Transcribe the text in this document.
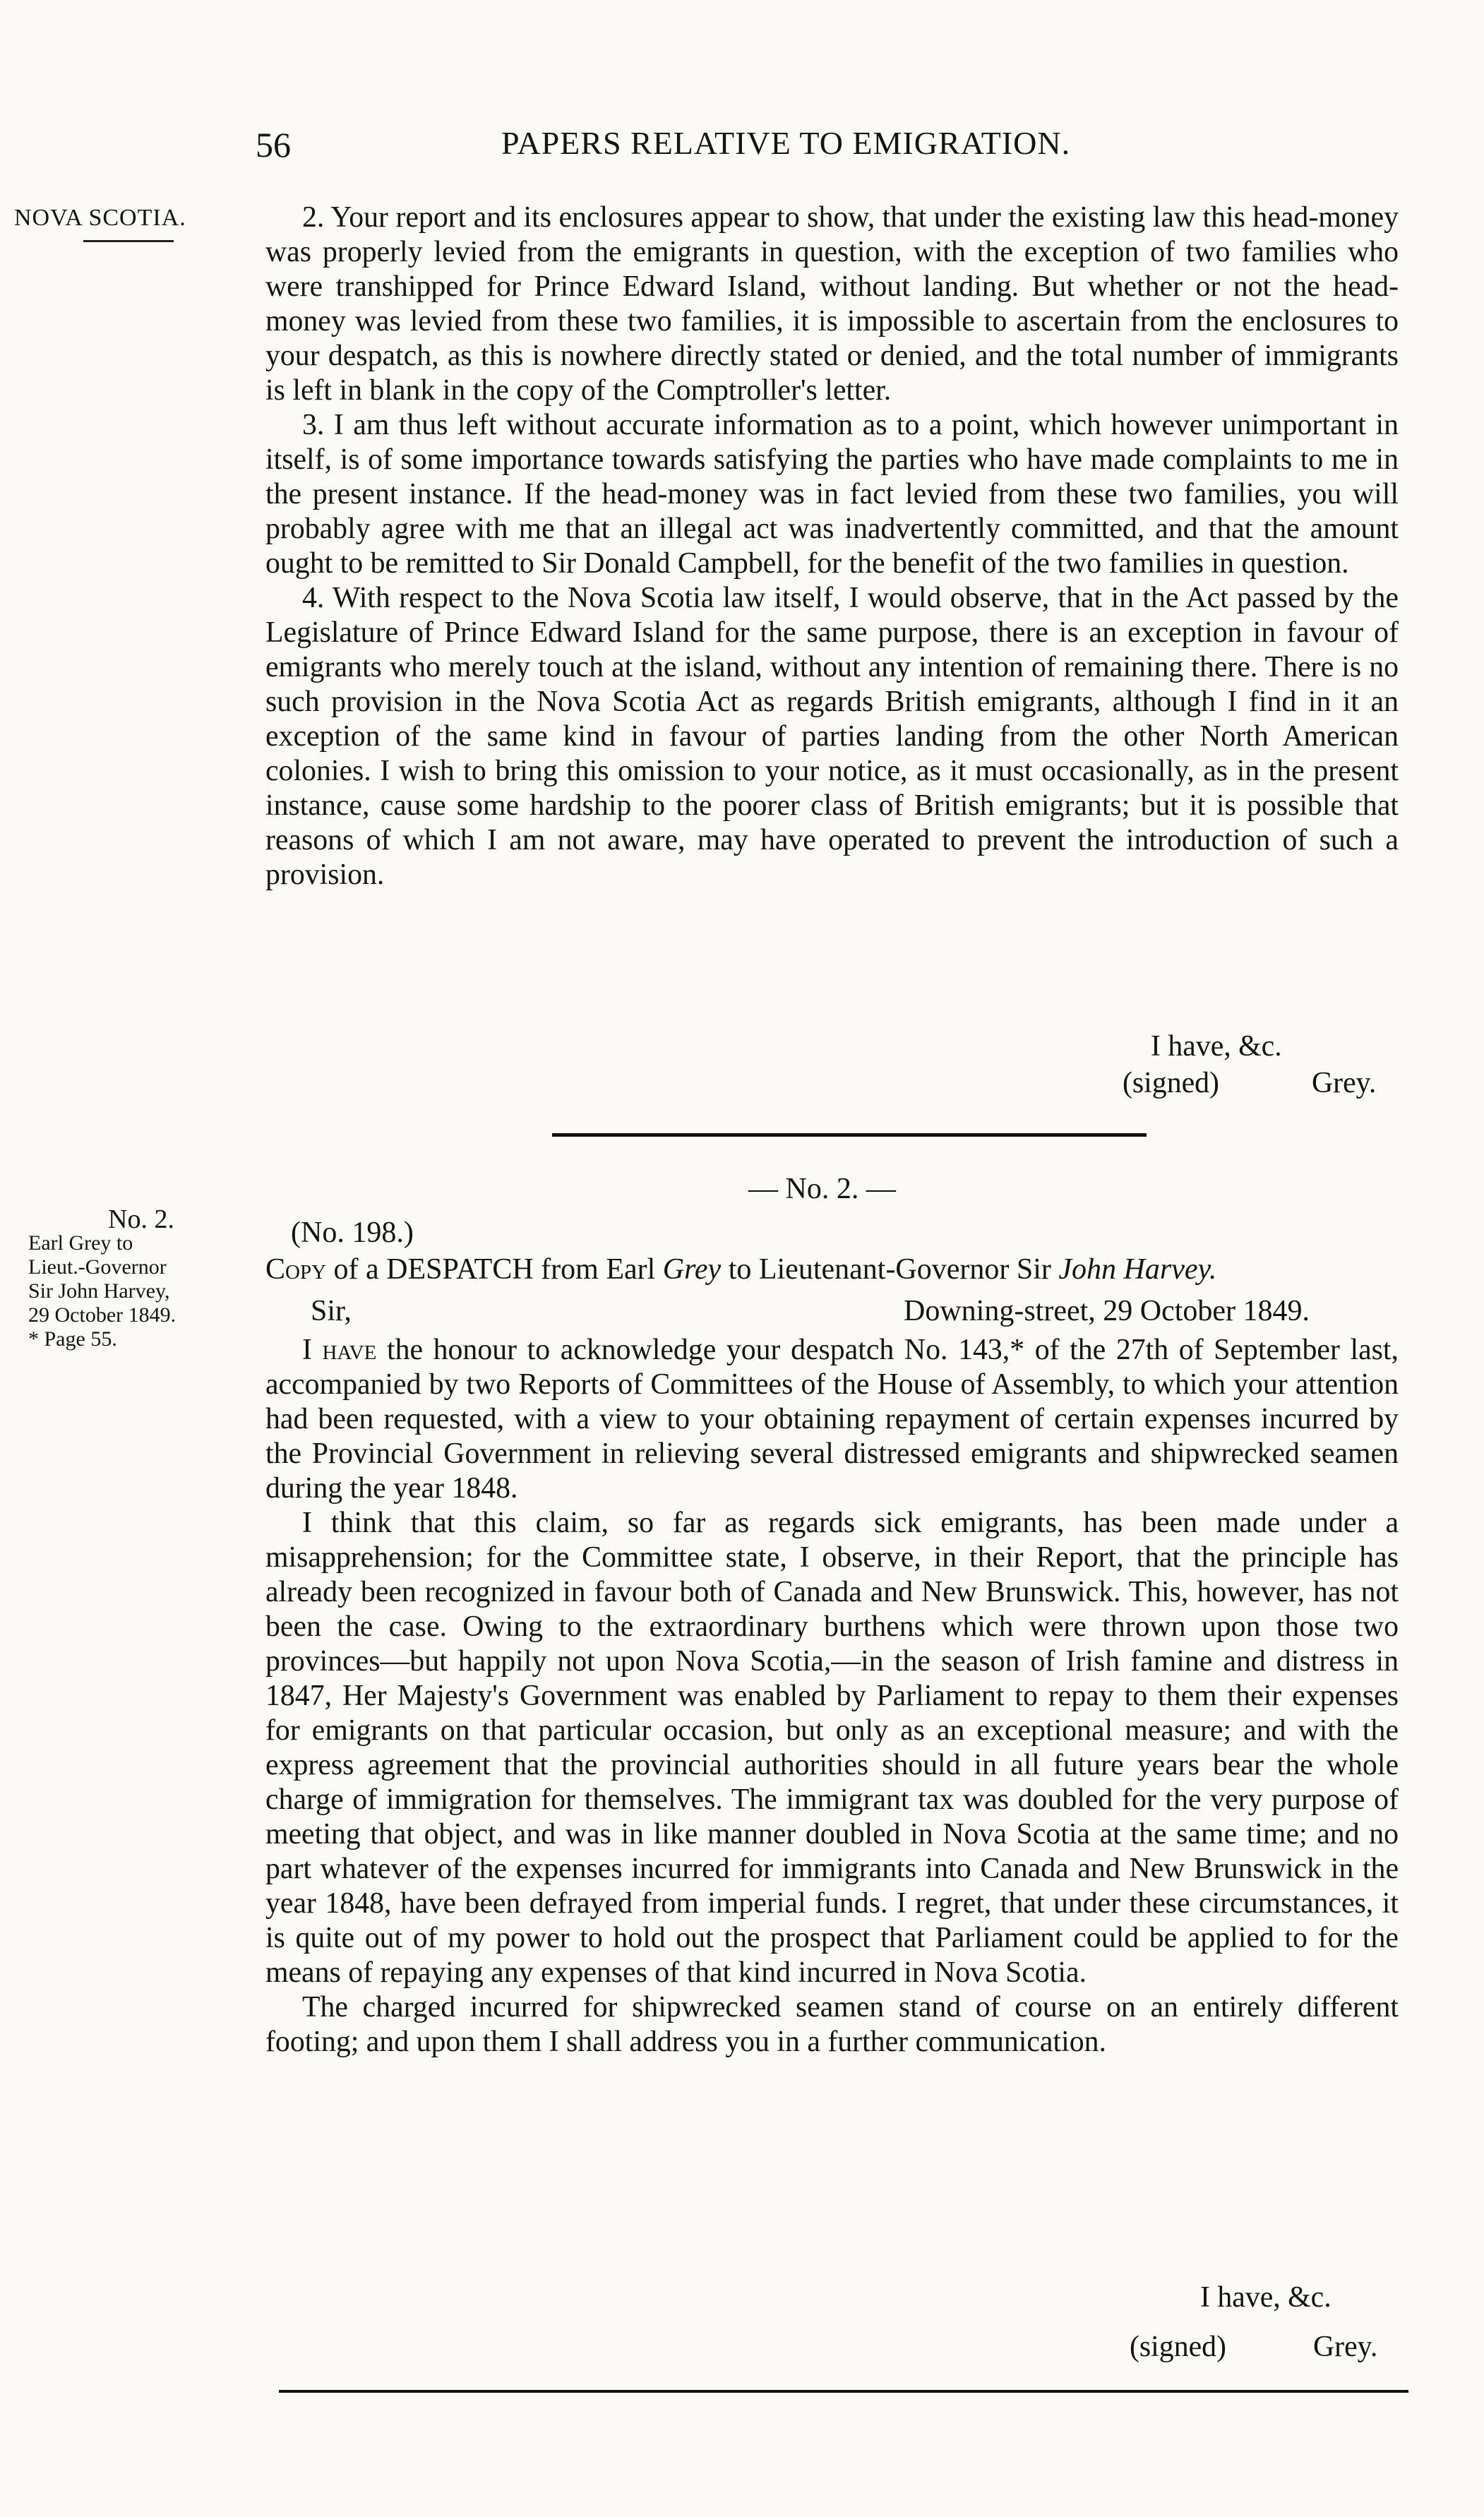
56	PAPERS RELATIVE TO EMIGRATION.
NOVA SCOTIA.	2. Your report and its enclosures appear to show, that under the existing law this head-money was properly levied from the emigrants in question, with the exception of two families who were transhipped for Prince Edward Island, without landing. But whether or not the head-money was levied from these two families, it is impossible to ascertain from the enclosures to your despatch, as this is nowhere directly stated or denied, and the total number of immigrants is left in blank in the copy of the Comptroller's letter.

3. I am thus left without accurate information as to a point, which however unimportant in itself, is of some importance towards satisfying the parties who have made complaints to me in the present instance. If the head-money was in fact levied from these two families, you will probably agree with me that an illegal act was inadvertently committed, and that the amount ought to be remitted to Sir Donald Campbell, for the benefit of the two families in question.

4. With respect to the Nova Scotia law itself, I would observe, that in the Act passed by the Legislature of Prince Edward Island for the same purpose, there is an exception in favour of emigrants who merely touch at the island, without any intention of remaining there. There is no such provision in the Nova Scotia Act as regards British emigrants, although I find in it an exception of the same kind in favour of parties landing from the other North American colonies. I wish to bring this omission to your notice, as it must occasionally, as in the present instance, cause some hardship to the poorer class of British emigrants; but it is possible that reasons of which I am not aware, may have operated to prevent the introduction of such a provision.

I have, &c.
(signed)	Grey.
— No. 2. —
No. 2.
Earl Grey to
Lieut.-Governor
Sir John Harvey,
29 October 1849.
* Page 55.
(No. 198.)
Copy of a DESPATCH from Earl Grey to Lieutenant-Governor Sir John Harvey.
Sir,	Downing-street, 29 October 1849.

I have the honour to acknowledge your despatch No. 143,* of the 27th of September last, accompanied by two Reports of Committees of the House of Assembly, to which your attention had been requested, with a view to your obtaining repayment of certain expenses incurred by the Provincial Government in relieving several distressed emigrants and shipwrecked seamen during the year 1848.

I think that this claim, so far as regards sick emigrants, has been made under a misapprehension; for the Committee state, I observe, in their Report, that the principle has already been recognized in favour both of Canada and New Brunswick. This, however, has not been the case. Owing to the extraordinary burthens which were thrown upon those two provinces—but happily not upon Nova Scotia,—in the season of Irish famine and distress in 1847, Her Majesty's Government was enabled by Parliament to repay to them their expenses for emigrants on that particular occasion, but only as an exceptional measure; and with the express agreement that the provincial authorities should in all future years bear the whole charge of immigration for themselves. The immigrant tax was doubled for the very purpose of meeting that object, and was in like manner doubled in Nova Scotia at the same time; and no part whatever of the expenses incurred for immigrants into Canada and New Brunswick in the year 1848, have been defrayed from imperial funds. I regret, that under these circumstances, it is quite out of my power to hold out the prospect that Parliament could be applied to for the means of repaying any expenses of that kind incurred in Nova Scotia.

The charged incurred for shipwrecked seamen stand of course on an entirely different footing; and upon them I shall address you in a further communication.

I have, &c.
(signed)	Grey.
